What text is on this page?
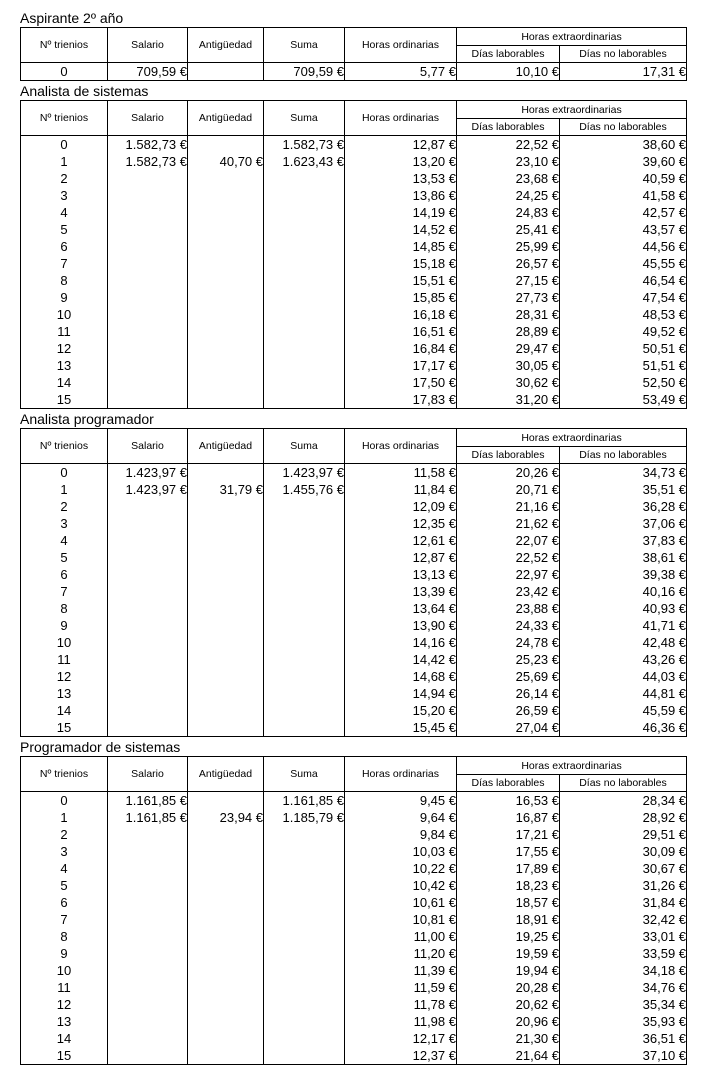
Aspirante 2º año
Nº trienios	Salario	Antigüedad	Suma	Horas ordinarias	Horas extraordinarias	
					Días laborables	Días no laborables
0	709,59 €		709,59 €	5,77 €	10,10 €	17,31 €
Analista de sistemas
Nº trienios	Salario	Antigüedad	Suma	Horas ordinarias	Horas extraordinarias	
					Días laborables	Días no laborables
0	1.582,73 €		1.582,73 €	12,87 €	22,52 €	38,60 €
1	1.582,73 €	40,70 €	1.623,43 €	13,20 €	23,10 €	39,60 €
2				13,53 €	23,68 €	40,59 €
3				13,86 €	24,25 €	41,58 €
4				14,19 €	24,83 €	42,57 €
5				14,52 €	25,41 €	43,57 €
6				14,85 €	25,99 €	44,56 €
7				15,18 €	26,57 €	45,55 €
8				15,51 €	27,15 €	46,54 €
9				15,85 €	27,73 €	47,54 €
10				16,18 €	28,31 €	48,53 €
11				16,51 €	28,89 €	49,52 €
12				16,84 €	29,47 €	50,51 €
13				17,17 €	30,05 €	51,51 €
14				17,50 €	30,62 €	52,50 €
15				17,83 €	31,20 €	53,49 €
Analista programador
Nº trienios	Salario	Antigüedad	Suma	Horas ordinarias	Horas extraordinarias	
					Días laborables	Días no laborables
0	1.423,97 €		1.423,97 €	11,58 €	20,26 €	34,73 €
1	1.423,97 €	31,79 €	1.455,76 €	11,84 €	20,71 €	35,51 €
2				12,09 €	21,16 €	36,28 €
3				12,35 €	21,62 €	37,06 €
4				12,61 €	22,07 €	37,83 €
5				12,87 €	22,52 €	38,61 €
6				13,13 €	22,97 €	39,38 €
7				13,39 €	23,42 €	40,16 €
8				13,64 €	23,88 €	40,93 €
9				13,90 €	24,33 €	41,71 €
10				14,16 €	24,78 €	42,48 €
11				14,42 €	25,23 €	43,26 €
12				14,68 €	25,69 €	44,03 €
13				14,94 €	26,14 €	44,81 €
14				15,20 €	26,59 €	45,59 €
15				15,45 €	27,04 €	46,36 €
Programador de sistemas
Nº trienios	Salario	Antigüedad	Suma	Horas ordinarias	Horas extraordinarias	
					Días laborables	Días no laborables
0	1.161,85 €		1.161,85 €	9,45 €	16,53 €	28,34 €
1	1.161,85 €	23,94 €	1.185,79 €	9,64 €	16,87 €	28,92 €
2				9,84 €	17,21 €	29,51 €
3				10,03 €	17,55 €	30,09 €
4				10,22 €	17,89 €	30,67 €
5				10,42 €	18,23 €	31,26 €
6				10,61 €	18,57 €	31,84 €
7				10,81 €	18,91 €	32,42 €
8				11,00 €	19,25 €	33,01 €
9				11,20 €	19,59 €	33,59 €
10				11,39 €	19,94 €	34,18 €
11				11,59 €	20,28 €	34,76 €
12				11,78 €	20,62 €	35,34 €
13				11,98 €	20,96 €	35,93 €
14				12,17 €	21,30 €	36,51 €
15				12,37 €	21,64 €	37,10 €
